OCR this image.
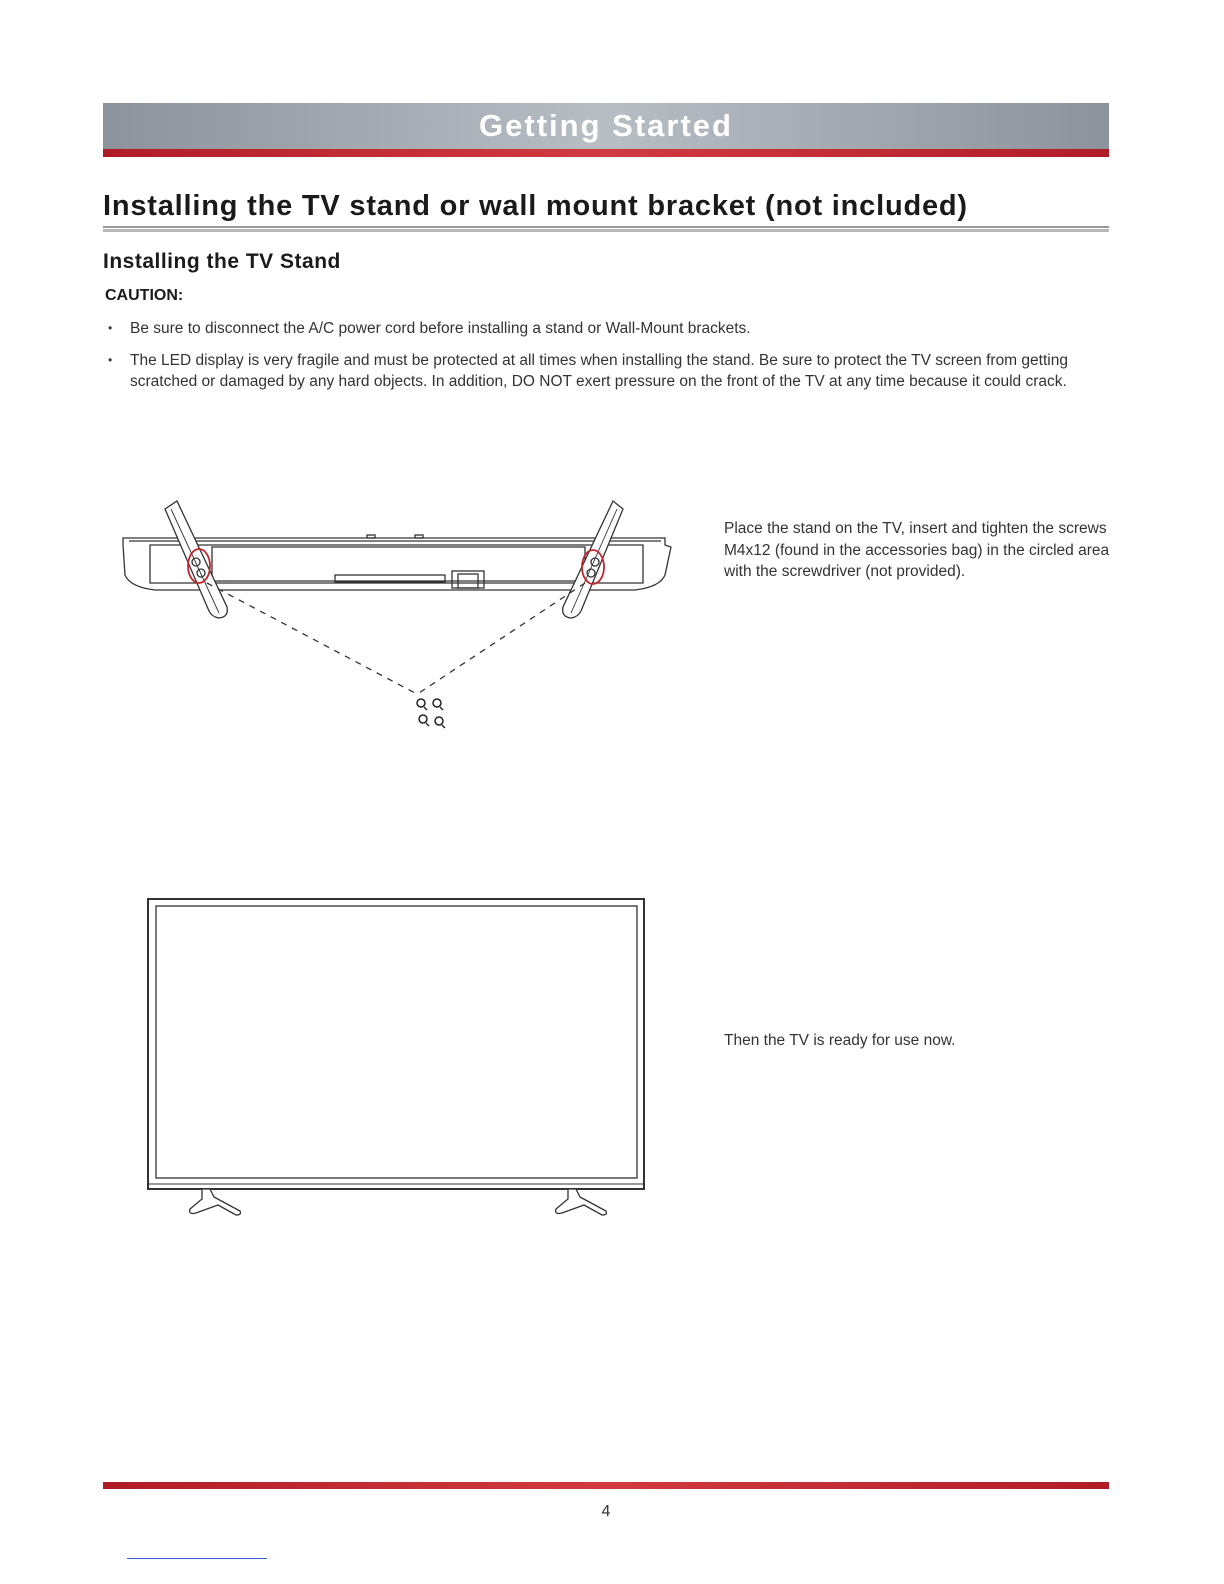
Getting Started
Installing the TV stand or wall mount bracket (not included)
Installing the TV Stand
CAUTION:
• Be sure to disconnect the A/C power cord before installing a stand or Wall-Mount brackets.
• The LED display is very fragile and must be protected at all times when installing the stand. Be sure to protect the TV screen from getting scratched or damaged by any hard objects. In addition, DO NOT exert pressure on the front of the TV at any time because it could crack.
Place the stand on the TV, insert and tighten the screws M4x12 (found in the accessories bag) in the circled area with the screwdriver (not provided).
Then the TV is ready for use now.
4
